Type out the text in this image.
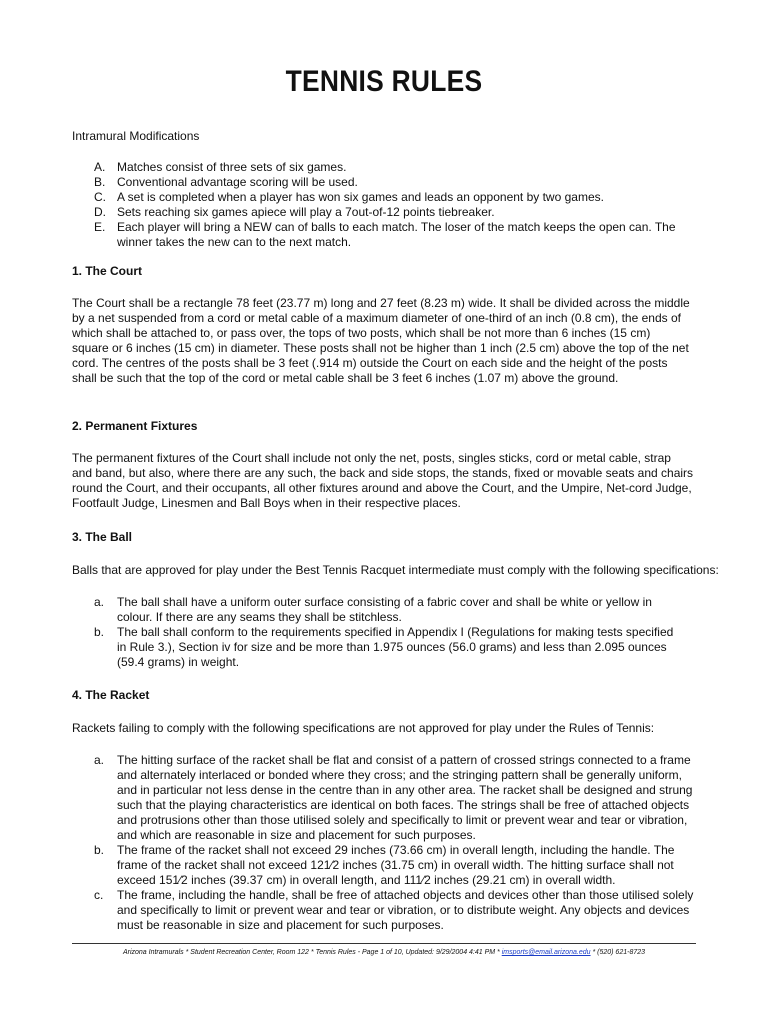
TENNIS RULES
Intramural Modifications
A. Matches consist of three sets of six games.
B. Conventional advantage scoring will be used.
C. A set is completed when a player has won six games and leads an opponent by two games.
D. Sets reaching six games apiece will play a 7out-of-12 points tiebreaker.
E. Each player will bring a NEW can of balls to each match. The loser of the match keeps the open can. The winner takes the new can to the next match.
1. The Court

The Court shall be a rectangle 78 feet (23.77 m) long and 27 feet (8.23 m) wide. It shall be divided across the middle by a net suspended from a cord or metal cable of a maximum diameter of one-third of an inch (0.8 cm), the ends of which shall be attached to, or pass over, the tops of two posts, which shall be not more than 6 inches (15 cm) square or 6 inches (15 cm) in diameter. These posts shall not be higher than 1 inch (2.5 cm) above the top of the net cord. The centres of the posts shall be 3 feet (.914 m) outside the Court on each side and the height of the posts shall be such that the top of the cord or metal cable shall be 3 feet 6 inches (1.07 m) above the ground.

2. Permanent Fixtures

The permanent fixtures of the Court shall include not only the net, posts, singles sticks, cord or metal cable, strap and band, but also, where there are any such, the back and side stops, the stands, fixed or movable seats and chairs round the Court, and their occupants, all other fixtures around and above the Court, and the Umpire, Net-cord Judge, Footfault Judge, Linesmen and Ball Boys when in their respective places.

3. The Ball

Balls that are approved for play under the Best Tennis Racquet intermediate must comply with the following specifications:

a. The ball shall have a uniform outer surface consisting of a fabric cover and shall be white or yellow in colour. If there are any seams they shall be stitchless.
b. The ball shall conform to the requirements specified in Appendix I (Regulations for making tests specified in Rule 3.), Section iv for size and be more than 1.975 ounces (56.0 grams) and less than 2.095 ounces (59.4 grams) in weight.
4. The Racket

Rackets failing to comply with the following specifications are not approved for play under the Rules of Tennis:

a. The hitting surface of the racket shall be flat and consist of a pattern of crossed strings connected to a frame and alternately interlaced or bonded where they cross; and the stringing pattern shall be generally uniform, and in particular not less dense in the centre than in any other area. The racket shall be designed and strung such that the playing characteristics are identical on both faces. The strings shall be free of attached objects and protrusions other than those utilised solely and specifically to limit or prevent wear and tear or vibration, and which are reasonable in size and placement for such purposes.
b. The frame of the racket shall not exceed 29 inches (73.66 cm) in overall length, including the handle. The frame of the racket shall not exceed 121⁄2 inches (31.75 cm) in overall width. The hitting surface shall not exceed 151⁄2 inches (39.37 cm) in overall length, and 111⁄2 inches (29.21 cm) in overall width.
c. The frame, including the handle, shall be free of attached objects and devices other than those utilised solely and specifically to limit or prevent wear and tear or vibration, or to distribute weight. Any objects and devices must be reasonable in size and placement for such purposes.
Arizona Intramurals * Student Recreation Center, Room 122 * Tennis Rules - Page 1 of 10, Updated: 9/29/2004 4:41 PM * imsports@email.arizona.edu * (520) 621-8723
